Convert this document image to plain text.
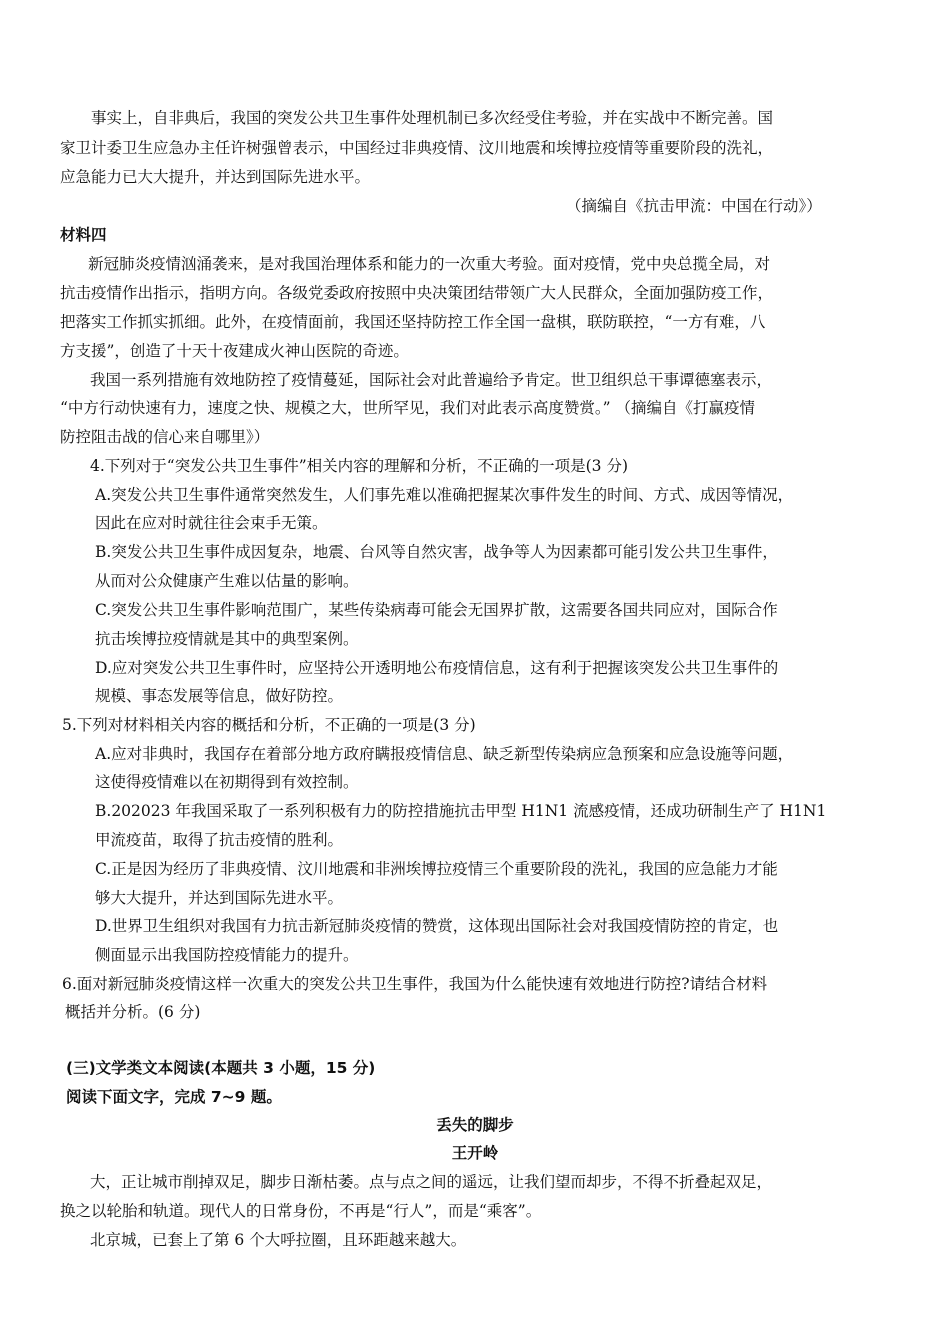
事实上，自非典后，我国的突发公共卫生事件处理机制已多次经受住考验，并在实战中不断完善。国
家卫计委卫生应急办主任许树强曾表示，中国经过非典疫情、汶川地震和埃博拉疫情等重要阶段的洗礼，
应急能力已大大提升，并达到国际先进水平。
（摘编自《抗击甲流：中国在行动》）
材料四
新冠肺炎疫情汹涌袭来，是对我国治理体系和能力的一次重大考验。面对疫情，党中央总揽全局，对
抗击疫情作出指示，指明方向。各级党委政府按照中央决策团结带领广大人民群众，全面加强防疫工作，
把落实工作抓实抓细。此外，在疫情面前，我国还坚持防控工作全国一盘棋，联防联控，“一方有难，八
方支援”，创造了十天十夜建成火神山医院的奇迹。
我国一系列措施有效地防控了疫情蔓延，国际社会对此普遍给予肯定。世卫组织总干事谭德塞表示，
“中方行动快速有力，速度之快、规模之大，世所罕见，我们对此表示高度赞赏。” （摘编自《打赢疫情
防控阻击战的信心来自哪里》）
4.下列对于“突发公共卫生事件”相关内容的理解和分析，不正确的一项是(3 分)
A.突发公共卫生事件通常突然发生，人们事先难以准确把握某次事件发生的时间、方式、成因等情况，
因此在应对时就往往会束手无策。
B.突发公共卫生事件成因复杂，地震、台风等自然灾害，战争等人为因素都可能引发公共卫生事件，
从而对公众健康产生难以估量的影响。
C.突发公共卫生事件影响范围广，某些传染病毒可能会无国界扩散，这需要各国共同应对，国际合作
抗击埃博拉疫情就是其中的典型案例。
D.应对突发公共卫生事件时，应坚持公开透明地公布疫情信息，这有利于把握该突发公共卫生事件的
规模、事态发展等信息，做好防控。
5.下列对材料相关内容的概括和分析，不正确的一项是(3 分)
A.应对非典时，我国存在着部分地方政府瞒报疫情信息、缺乏新型传染病应急预案和应急设施等问题，
这使得疫情难以在初期得到有效控制。
B.202023 年我国采取了一系列积极有力的防控措施抗击甲型 H1N1 流感疫情，还成功研制生产了 H1N1
甲流疫苗，取得了抗击疫情的胜利。
C.正是因为经历了非典疫情、汶川地震和非洲埃博拉疫情三个重要阶段的洗礼，我国的应急能力才能
够大大提升，并达到国际先进水平。
D.世界卫生组织对我国有力抗击新冠肺炎疫情的赞赏，这体现出国际社会对我国疫情防控的肯定，也
侧面显示出我国防控疫情能力的提升。
6.面对新冠肺炎疫情这样一次重大的突发公共卫生事件，我国为什么能快速有效地进行防控?请结合材料
概括并分析。(6 分)
(三)文学类文本阅读(本题共 3 小题，15 分)
阅读下面文字，完成 7~9 题。
丢失的脚步
王开岭
大，正让城市削掉双足，脚步日渐枯萎。点与点之间的遥远，让我们望而却步，不得不折叠起双足，
换之以轮胎和轨道。现代人的日常身份，不再是“行人”，而是“乘客”。
北京城，已套上了第 6 个大呼拉圈，且环距越来越大。
